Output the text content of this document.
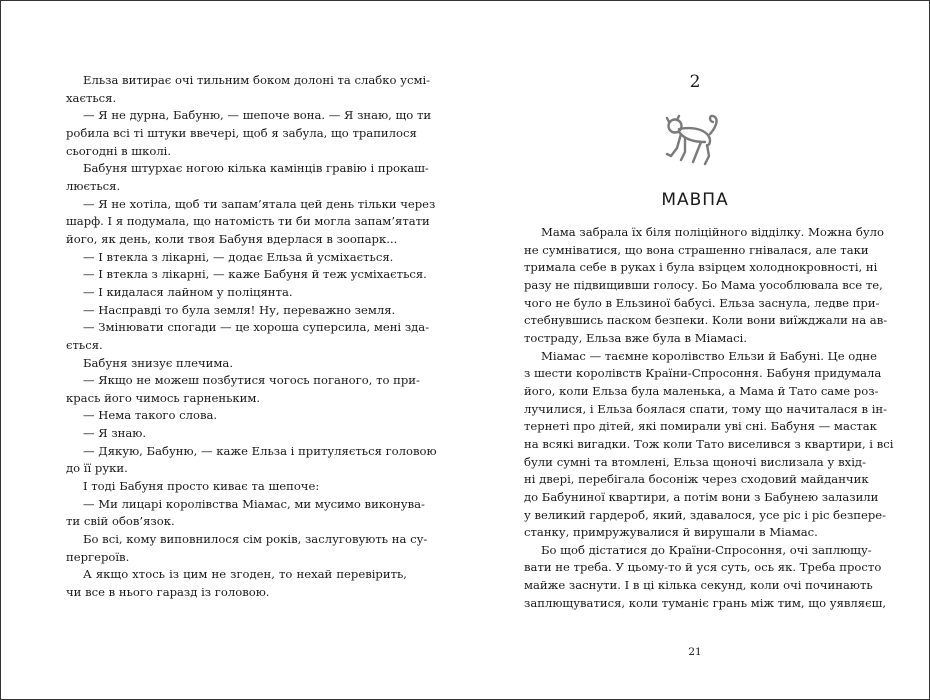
Ельза витирає очі тильним боком долоні та слабко усмі-
хається.
— Я не дурна, Бабуню, — шепоче вона. — Я знаю, що ти
робила всі ті штуки ввечері, щоб я забула, що трапилося
сьогодні в школі.
Бабуня штурхає ногою кілька камінців гравію і прокаш-
люється.
— Я не хотіла, щоб ти запам’ятала цей день тільки через
шарф. І я подумала, що натомість ти би могла запам’ятати
його, як день, коли твоя Бабуня вдерлася в зоопарк...
— І втекла з лікарні, — додає Ельза й усміхається.
— І втекла з лікарні, — каже Бабуня й теж усміхається.
— І кидалася лайном у поліцянта.
— Насправді то була земля! Ну, переважно земля.
— Змінювати спогади — це хороша суперсила, мені зда-
ється.
Бабуня знизує плечима.
— Якщо не можеш позбутися чогось поганого, то при-
крась його чимось гарненьким.
— Нема такого слова.
— Я знаю.
— Дякую, Бабуню, — каже Ельза і притуляється головою
до її руки.
І тоді Бабуня просто киває та шепоче:
— Ми лицарі королівства Міамас, ми мусимо виконува-
ти свій обов’язок.
Бо всі, кому виповнилося сім років, заслуговують на су-
пергероїв.
А якщо хтось із цим не згоден, то нехай перевірить,
чи все в нього гаразд із головою.

2

МАВПА
Мама забрала їх біля поліційного відділку. Можна було
не сумніватися, що вона страшенно гнівалася, але таки
тримала себе в руках і була взірцем холоднокровності, ні
разу не підвищивши голосу. Бо Мама уособлювала все те,
чого не було в Ельзиної бабусі. Ельза заснула, ледве при-
стебнувшись паском безпеки. Коли вони виїжджали на ав-
тостраду, Ельза вже була в Міамасі.
Міамас — таємне королівство Ельзи й Бабуні. Це одне
з шести королівств Країни-Спросоння. Бабуня придумала
його, коли Ельза була маленька, а Мама й Тато саме роз-
лучилися, і Ельза боялася спати, тому що начиталася в ін-
тернеті про дітей, які помирали уві сні. Бабуня — мастак
на всякі вигадки. Тож коли Тато виселився з квартири, і всі
були сумні та втомлені, Ельза щоночі вислизала у вхід-
ні двері, перебігала босоніж через сходовий майданчик
до Бабуниної квартири, а потім вони з Бабунею залазили
у великий гардероб, який, здавалося, усе ріс і ріс безпере-
станку, примружувалися й вирушали в Міамас.
Бо щоб дістатися до Країни-Спросоння, очі заплющу-
вати не треба. У цьому-то й уся суть, ось як. Треба просто
майже заснути. І в ці кілька секунд, коли очі починають
заплющуватися, коли туманіє грань між тим, що уявляєш,
21
